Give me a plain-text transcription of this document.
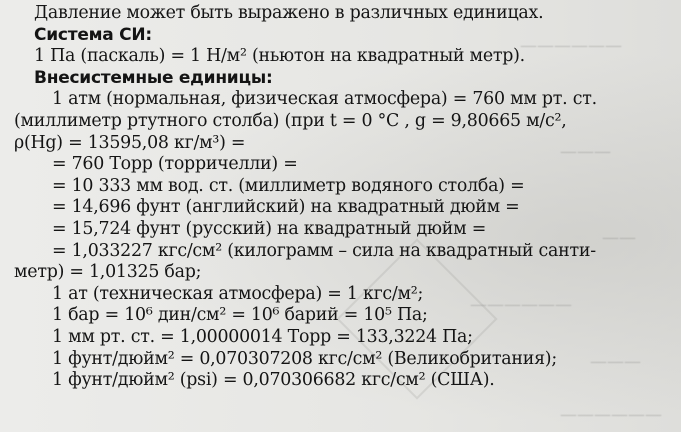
——————
———
——
——————
———
——————
Давление может быть выражено в различных единицах.
Система СИ:
1 Па (паскаль) = 1 Н/м² (ньютон на квадратный метр).
Внесистемные единицы:
1 атм (нормальная, физическая атмосфера) = 760 мм рт. ст.
(миллиметр ртутного столба) (при t = 0 °С , g = 9,80665 м/с²,
ρ(Hg) = 13595,08 кг/м³) =
= 760 Торр (торричелли) =
= 10 333 мм вод. ст. (миллиметр водяного столба) =
= 14,696 фунт (английский) на квадратный дюйм =
= 15,724 фунт (русский) на квадратный дюйм =
= 1,033227 кгс/см² (килограмм – сила на квадратный санти-
метр) = 1,01325 бар;
1 ат (техническая атмосфера) = 1 кгс/м²;
1 бар = 10⁶ дин/см² = 10⁶ барий = 10⁵ Па;
1 мм рт. ст. = 1,00000014 Торр = 133,3224 Па;
1 фунт/дюйм² = 0,070307208 кгс/см² (Великобритания);
1 фунт/дюйм² (psi) = 0,070306682 кгс/см² (США).
